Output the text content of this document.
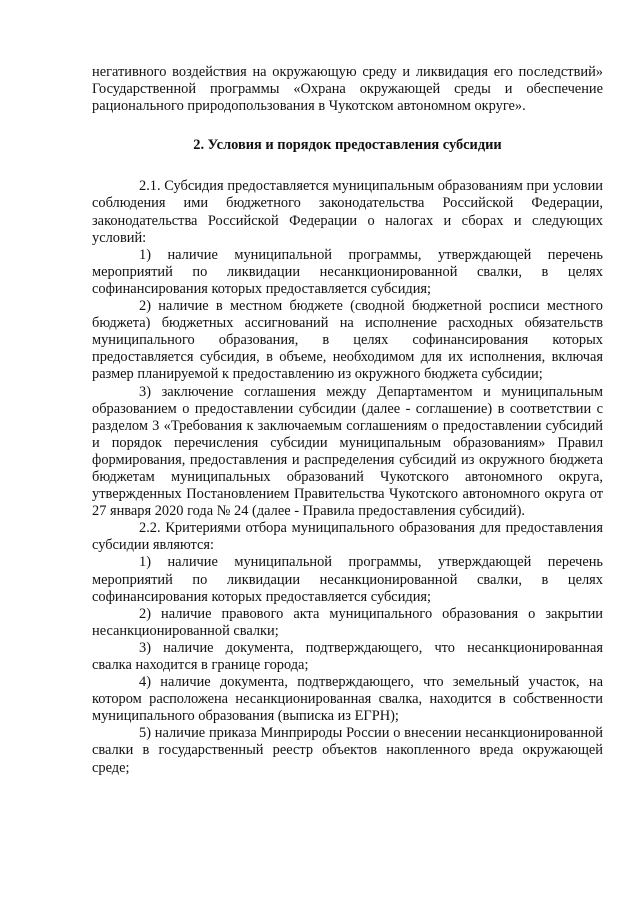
негативного воздействия на окружающую среду и ликвидация его последствий» Государственной программы «Охрана окружающей среды и обеспечение рационального природопользования в Чукотском автономном округе».

2. Условия и порядок предоставления субсидии

2.1. Субсидия предоставляется муниципальным образованиям при условии соблюдения ими бюджетного законодательства Российской Федерации, законодательства Российской Федерации о налогах и сборах и следующих условий:

1) наличие муниципальной программы, утверждающей перечень мероприятий по ликвидации несанкционированной свалки, в целях софинансирования которых предоставляется субсидия;

2) наличие в местном бюджете (сводной бюджетной росписи местного бюджета) бюджетных ассигнований на исполнение расходных обязательств муниципального образования, в целях софинансирования которых предоставляется субсидия, в объеме, необходимом для их исполнения, включая размер планируемой к предоставлению из окружного бюджета субсидии;

3) заключение соглашения между Департаментом и муниципальным образованием о предоставлении субсидии (далее - соглашение) в соответствии с разделом 3 «Требования к заключаемым соглашениям о предоставлении субсидий и порядок перечисления субсидии муниципальным образованиям» Правил формирования, предоставления и распределения субсидий из окружного бюджета бюджетам муниципальных образований Чукотского автономного округа, утвержденных Постановлением Правительства Чукотского автономного округа от 27 января 2020 года № 24 (далее - Правила предоставления субсидий).

2.2. Критериями отбора муниципального образования для предоставления субсидии являются:

1) наличие муниципальной программы, утверждающей перечень мероприятий по ликвидации несанкционированной свалки, в целях софинансирования которых предоставляется субсидия;

2) наличие правового акта муниципального образования о закрытии несанкционированной свалки;

3) наличие документа, подтверждающего, что несанкционированная свалка находится в границе города;

4) наличие документа, подтверждающего, что земельный участок, на котором расположена несанкционированная свалка, находится в собственности муниципального образования (выписка из ЕГРН);

5) наличие приказа Минприроды России о внесении несанкционированной свалки в государственный реестр объектов накопленного вреда окружающей среде;
